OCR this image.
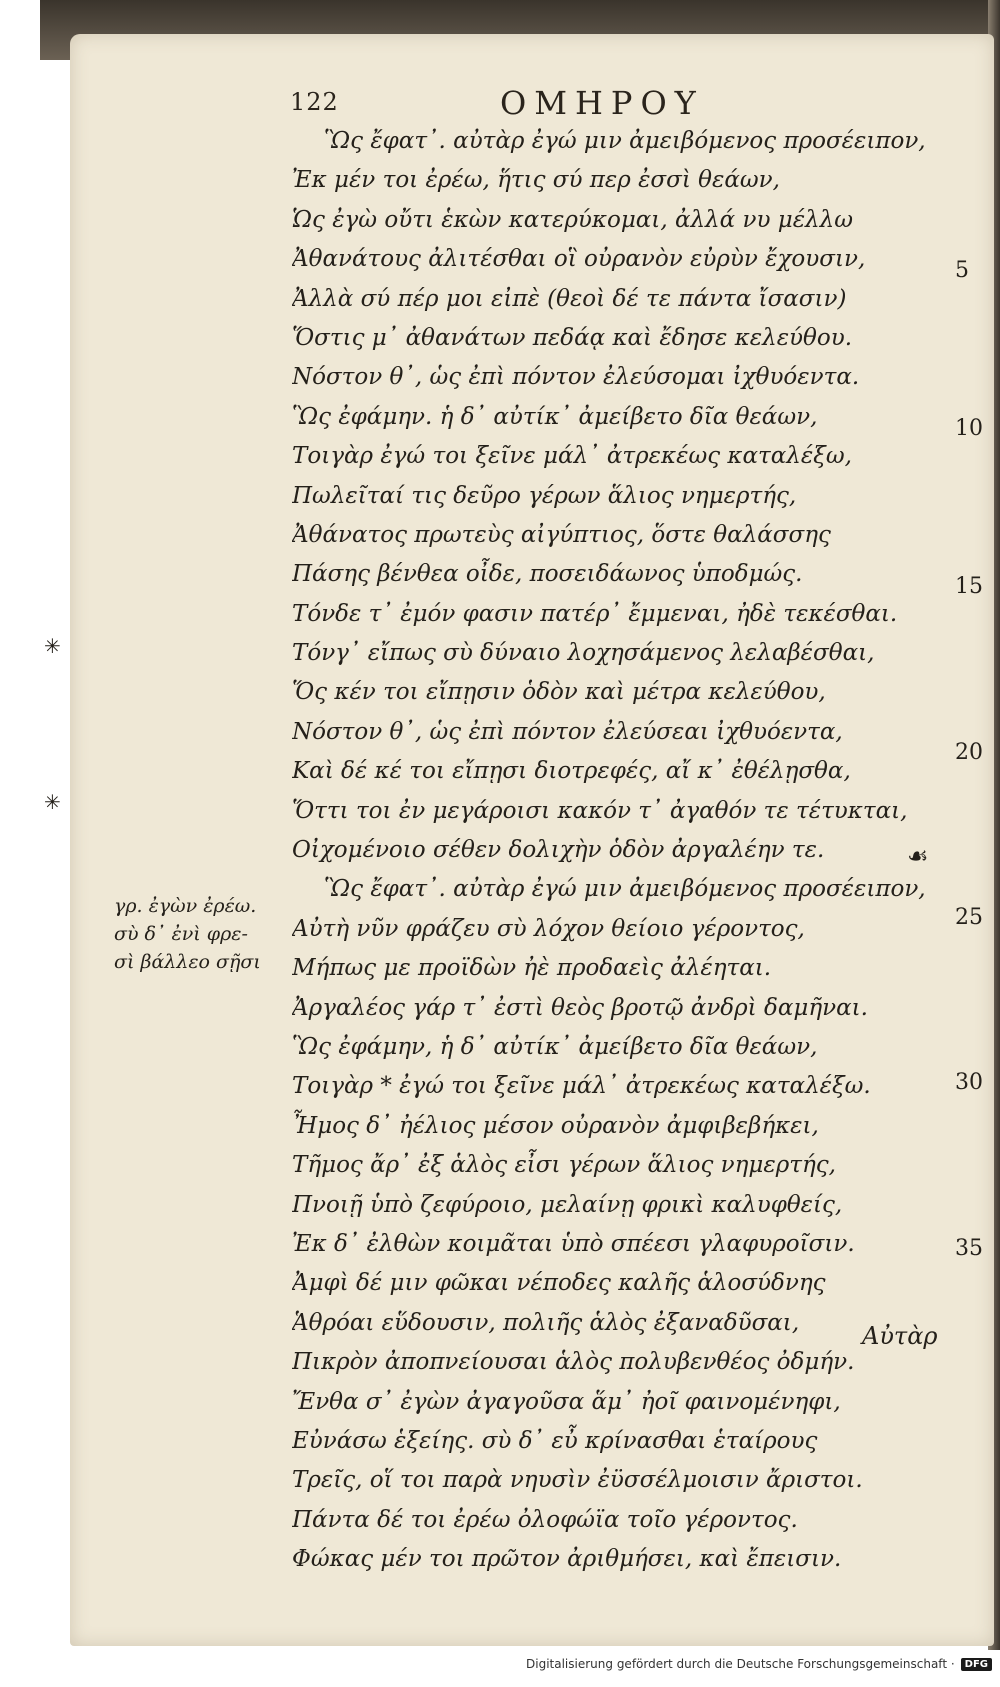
122	ΟΜΗΡΟΥ
Ὣς ἔφατ᾽. αὐτὰρ ἐγώ μιν ἀμειβόμενος προσέειπον,
Ἐκ μέν τοι ἐρέω, ἥτις σύ περ ἐσσὶ θεάων,
Ὡς ἐγὼ οὔτι ἑκὼν κατερύκομαι, ἀλλά νυ μέλλω
Ἀθανάτους ἀλιτέσθαι οἳ οὐρανὸν εὐρὺν ἔχουσιν,
Ἀλλὰ σύ πέρ μοι εἰπὲ (θεοὶ δέ τε πάντα ἴσασιν)
Ὅστις μ᾽ ἀθανάτων πεδάᾳ καὶ ἔδησε κελεύθου.
Νόστον θ᾽, ὡς ἐπὶ πόντον ἐλεύσομαι ἰχθυόεντα.
Ὣς ἐφάμην. ἡ δ᾽ αὐτίκ᾽ ἀμείβετο δῖα θεάων,
Τοιγὰρ ἐγώ τοι ξεῖνε μάλ᾽ ἀτρεκέως καταλέξω,
Πωλεῖταί τις δεῦρο γέρων ἅλιος νημερτής,
Ἀθάνατος πρωτεὺς αἰγύπτιος, ὅστε θαλάσσης
Πάσης βένθεα οἶδε, ποσειδάωνος ὑποδμώς.
Τόνδε τ᾽ ἐμόν φασιν πατέρ᾽ ἔμμεναι, ἠδὲ τεκέσθαι.
Τόνγ᾽ εἴπως σὺ δύναιο λοχησάμενος λελαβέσθαι,
Ὅς κέν τοι εἴπῃσιν ὁδὸν καὶ μέτρα κελεύθου,
Νόστον θ᾽, ὡς ἐπὶ πόντον ἐλεύσεαι ἰχθυόεντα,
Καὶ δέ κέ τοι εἴπῃσι διοτρεφές, αἴ κ᾽ ἐθέλῃσθα,
Ὅττι τοι ἐν μεγάροισι κακόν τ᾽ ἀγαθόν τε τέτυκται,
Οἰχομένοιο σέθεν δολιχὴν ὁδὸν ἀργαλέην τε.
Ὣς ἔφατ᾽. αὐτὰρ ἐγώ μιν ἀμειβόμενος προσέειπον,
Αὐτὴ νῦν φράζευ σὺ λόχον θείοιο γέροντος,
Μήπως με προϊδὼν ἠὲ προδαεὶς ἀλέηται.
Ἀργαλέος γάρ τ᾽ ἐστὶ θεὸς βροτῷ ἀνδρὶ δαμῆναι.
Ὣς ἐφάμην, ἡ δ᾽ αὐτίκ᾽ ἀμείβετο δῖα θεάων,
Τοιγὰρ * ἐγώ τοι ξεῖνε μάλ᾽ ἀτρεκέως καταλέξω.
Ἦμος δ᾽ ἠέλιος μέσον οὐρανὸν ἀμφιβεβήκει,
Τῆμος ἄρ᾽ ἐξ ἁλὸς εἶσι γέρων ἅλιος νημερτής,
Πνοιῇ ὑπὸ ζεφύροιο, μελαίνῃ φρικὶ καλυφθείς,
Ἐκ δ᾽ ἐλθὼν κοιμᾶται ὑπὸ σπέεσι γλαφυροῖσιν.
Ἀμφὶ δέ μιν φῶκαι νέποδες καλῆς ἁλοσύδνης
Ἁθρόαι εὕδουσιν, πολιῆς ἁλὸς ἐξαναδῦσαι,
Πικρὸν ἀποπνείουσαι ἁλὸς πολυβενθέος ὀδμήν.
Ἔνθα σ᾽ ἐγὼν ἀγαγοῦσα ἅμ᾽ ἠοῖ φαινομένηφι,
Εὐνάσω ἑξείης. σὺ δ᾽ εὖ κρίνασθαι ἑταίρους
Τρεῖς, οἵ τοι παρὰ νηυσὶν ἐϋσσέλμοισιν ἄριστοι.
Πάντα δέ τοι ἐρέω ὀλοφώϊα τοῖο γέροντος.
Φώκας μέν τοι πρῶτον ἀριθμήσει, καὶ ἔπεισιν.
5
10
15
20
25
30
35
γρ. ἐγὼν ἐρέω.
σὺ δ᾽ ἐνὶ φρε-
σὶ βάλλεο σῇσι
✳
✳
☙
Αὐτὰρ
Digitalisierung gefördert durch die Deutsche Forschungsgemeinschaft ·	DFG
